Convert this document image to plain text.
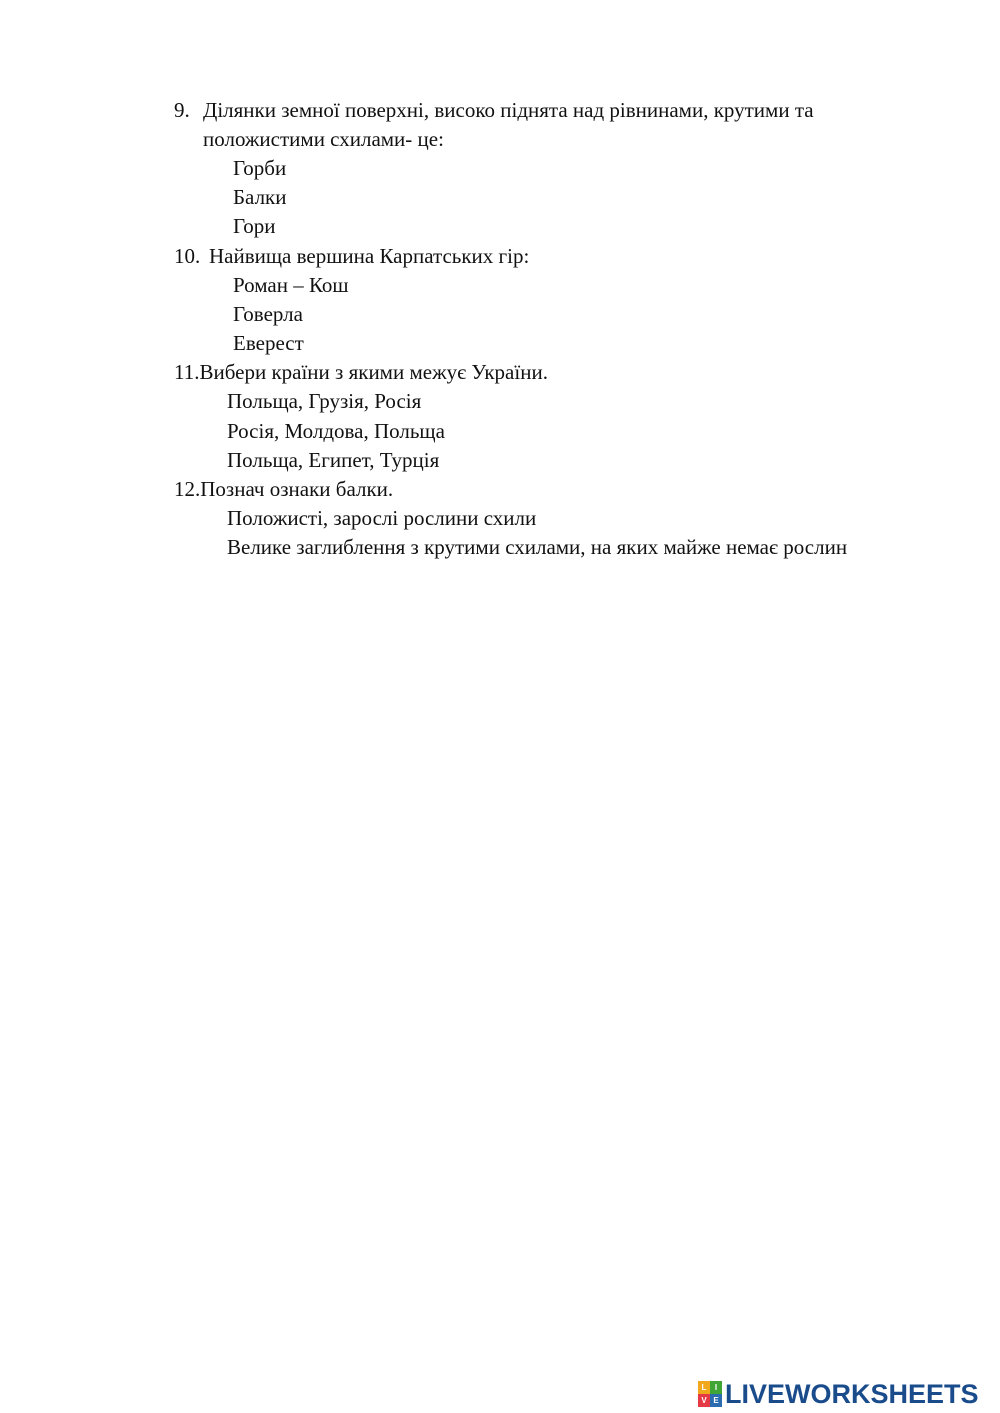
9. Ділянки земної поверхні, високо піднята над рівнинами, крутими та
положистими схилами- це:
Горби
Балки
Гори
10. Найвища вершина Карпатських гір:
Роман – Кош
Говерла
Еверест
11.Вибери країни з якими межує України.
Польща, Грузія, Росія
Росія, Молдова, Польща
Польща, Египет, Турція
12.Познач ознаки балки.
Положисті, зарослі рослини схили
Велике заглиблення з крутими схилами, на яких майже немає рослин
L	I
V E LIVEWORKSHEETS
